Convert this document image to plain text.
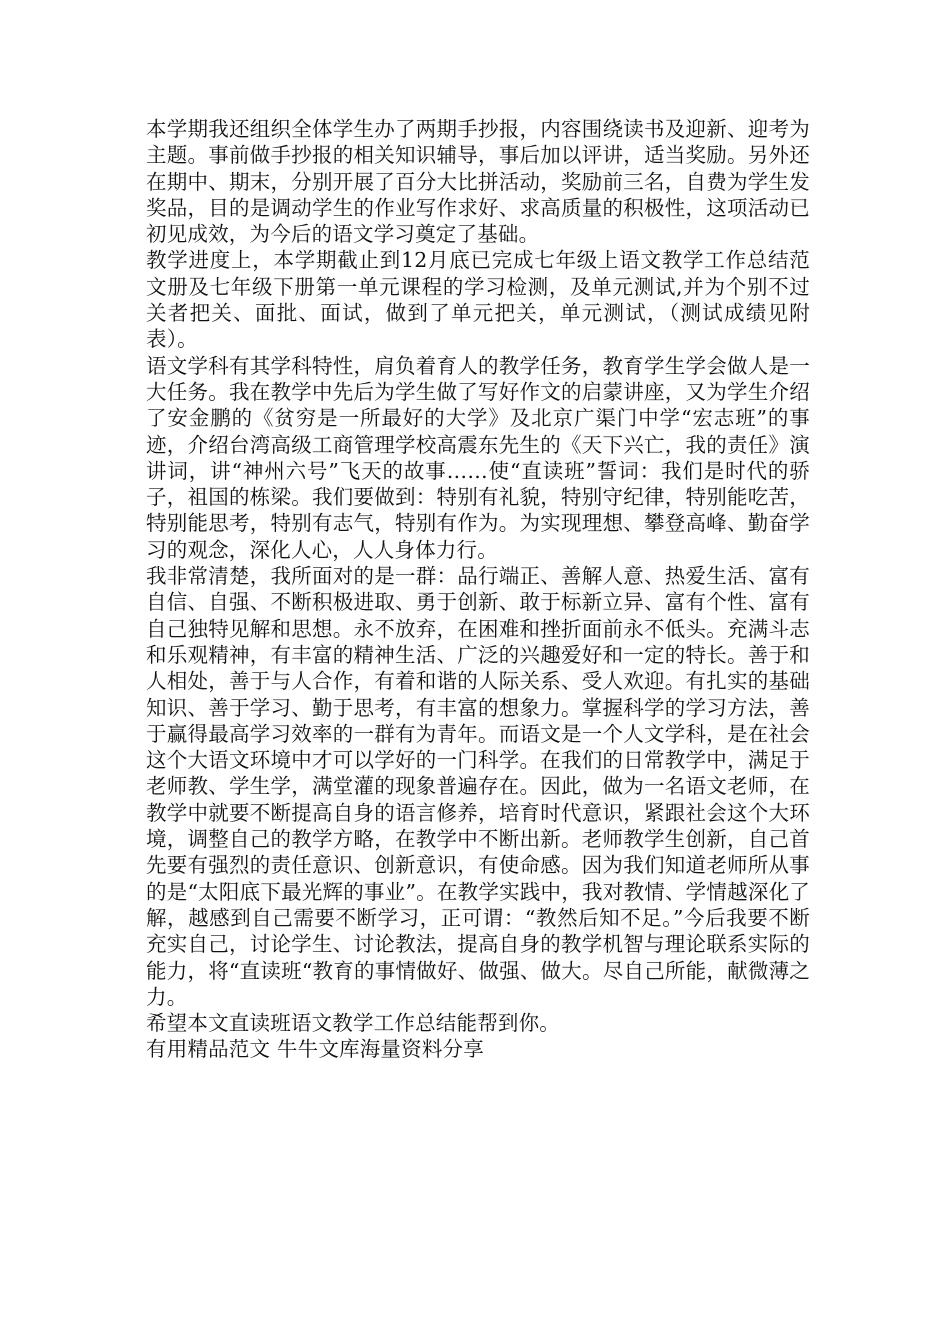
本学期我还组织全体学生办了两期手抄报，内容围绕读书及迎新、迎考为主题。事前做手抄报的相关知识辅导，事后加以评讲，适当奖励。另外还在期中、期末，分别开展了百分大比拼活动，奖励前三名，自费为学生发奖品，目的是调动学生的作业写作求好、求高质量的积极性，这项活动已初见成效，为今后的语文学习奠定了基础。

教学进度上，本学期截止到12月底已完成七年级上语文教学工作总结范文册及七年级下册第一单元课程的学习检测，及单元测试,并为个别不过关者把关、面批、面试，做到了单元把关，单元测试，（测试成绩见附表）。

语文学科有其学科特性，肩负着育人的教学任务，教育学生学会做人是一大任务。我在教学中先后为学生做了写好作文的启蒙讲座，又为学生介绍了安金鹏的《贫穷是一所最好的大学》及北京广渠门中学“宏志班”的事迹，介绍台湾高级工商管理学校高震东先生的《天下兴亡，我的责任》演讲词，讲“神州六号”飞天的故事……使“直读班”誓词：我们是时代的骄子，祖国的栋梁。我们要做到：特别有礼貌，特别守纪律，特别能吃苦，特别能思考，特别有志气，特别有作为。为实现理想、攀登高峰、勤奋学习的观念，深化人心，人人身体力行。

我非常清楚，我所面对的是一群：品行端正、善解人意、热爱生活、富有自信、自强、不断积极进取、勇于创新、敢于标新立异、富有个性、富有自己独特见解和思想。永不放弃，在困难和挫折面前永不低头。充满斗志和乐观精神，有丰富的精神生活、广泛的兴趣爱好和一定的特长。善于和人相处，善于与人合作，有着和谐的人际关系、受人欢迎。有扎实的基础知识、善于学习、勤于思考，有丰富的想象力。掌握科学的学习方法，善于赢得最高学习效率的一群有为青年。而语文是一个人文学科，是在社会这个大语文环境中才可以学好的一门科学。在我们的日常教学中，满足于老师教、学生学，满堂灌的现象普遍存在。因此，做为一名语文老师，在教学中就要不断提高自身的语言修养，培育时代意识，紧跟社会这个大环境，调整自己的教学方略，在教学中不断出新。老师教学生创新，自己首先要有强烈的责任意识、创新意识，有使命感。因为我们知道老师所从事的是“太阳底下最光辉的事业”。在教学实践中，我对教情、学情越深化了解，越感到自己需要不断学习，正可谓：“教然后知不足。”今后我要不断充实自己，讨论学生、讨论教法，提高自身的教学机智与理论联系实际的能力，将“直读班“教育的事情做好、做强、做大。尽自己所能，献微薄之力。

希望本文直读班语文教学工作总结能帮到你。

有用精品范文 牛牛文库海量资料分享
